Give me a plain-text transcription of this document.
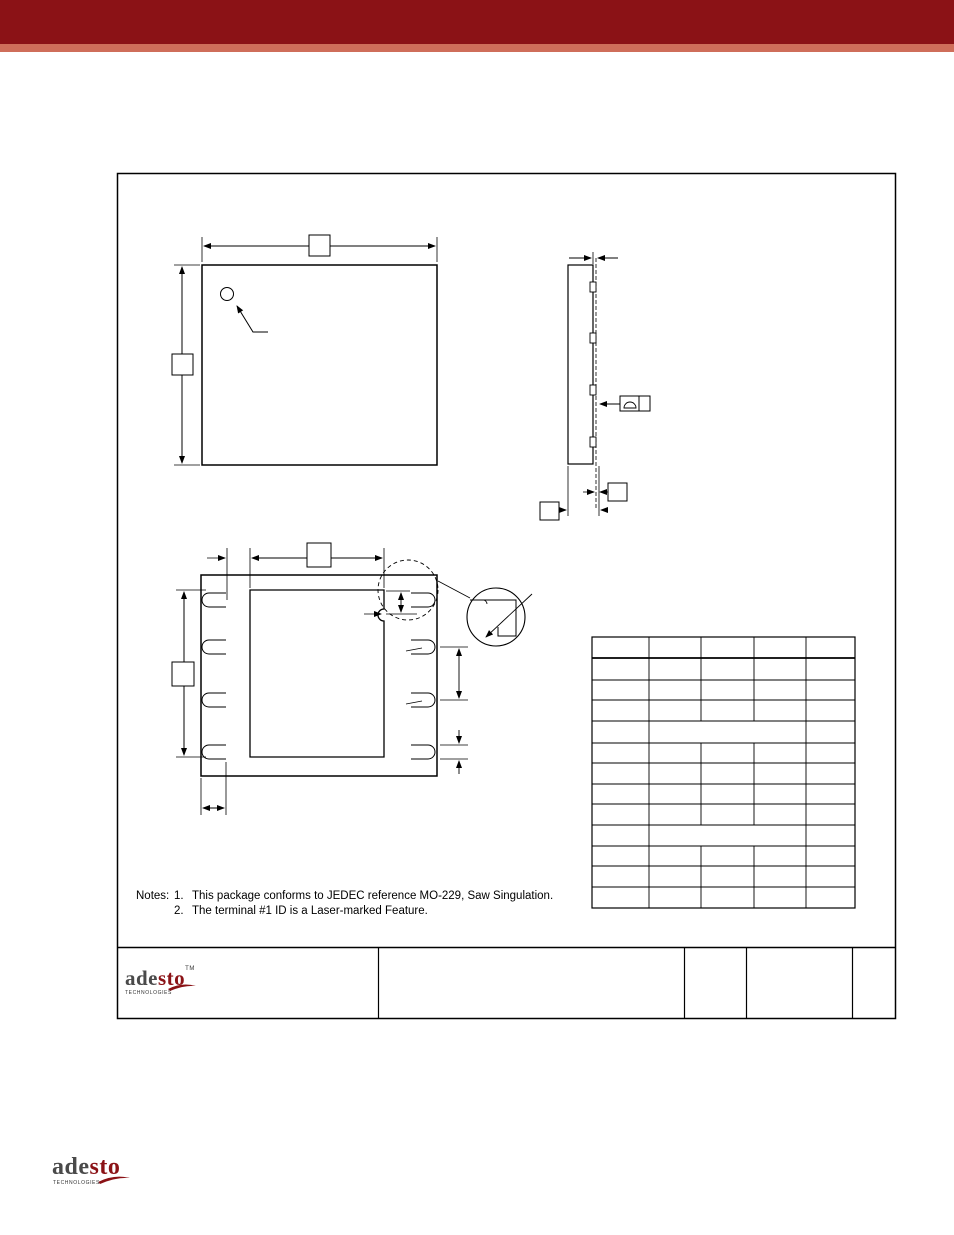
Notes: 1. This package conforms to JEDEC reference MO-229, Saw Singulation.
2. The terminal #1 ID is a Laser-marked Feature.
adesto™
TECHNOLOGIES
adesto
TECHNOLOGIES
